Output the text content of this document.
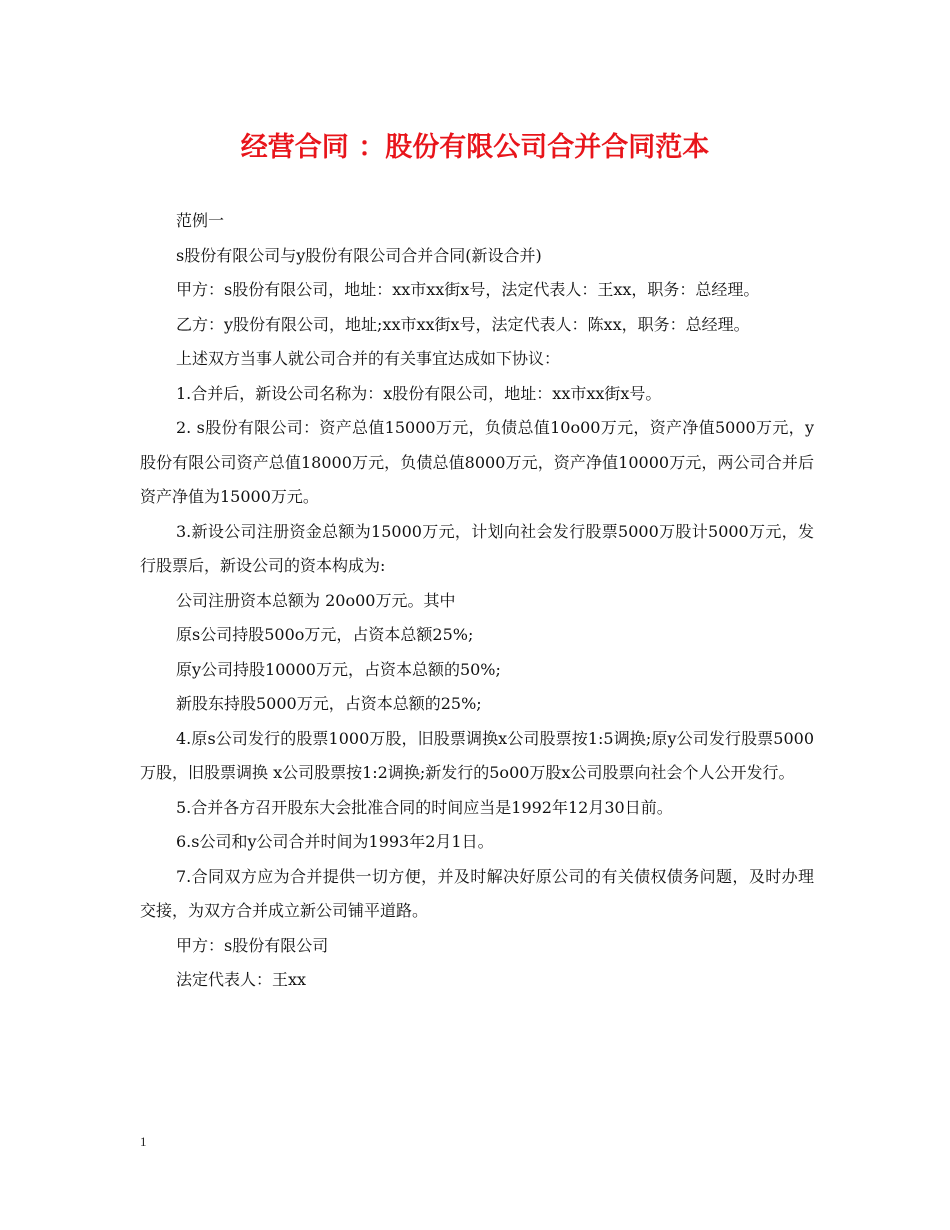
经营合同 ：股份有限公司合并合同范本

范例一

s股份有限公司与y股份有限公司合并合同(新设合并)

甲方：s股份有限公司，地址：xx市xx街x号，法定代表人：王xx，职务：总经理。

乙方：y股份有限公司，地址;xx市xx街x号，法定代表人：陈xx，职务：总经理。

上述双方当事人就公司合并的有关事宜达成如下协议：

1.合并后，新设公司名称为：x股份有限公司，地址：xx市xx街x号。

2. s股份有限公司：资产总值15000万元，负债总值10o00万元，资产净值5000万元，y股份有限公司资产总值18000万元，负债总值8000万元，资产净值10000万元，两公司合并后资产净值为15000万元。

3.新设公司注册资金总额为15000万元，计划向社会发行股票5000万股计5000万元，发行股票后，新设公司的资本构成为:

公司注册资本总额为 20o00万元。其中

原s公司持股500o万元，占资本总额25%;

原y公司持股10000万元，占资本总额的50%;

新股东持股5000万元，占资本总额的25%;

4.原s公司发行的股票1000万股，旧股票调换x公司股票按1:5调换;原y公司发行股票5000万股，旧股票调换 x公司股票按1:2调换;新发行的5o00万股x公司股票向社会个人公开发行。

5.合并各方召开股东大会批准合同的时间应当是1992年12月30日前。

6.s公司和y公司合并时间为1993年2月1日。

7.合同双方应为合并提供一切方便，并及时解决好原公司的有关债权债务问题，及时办理交接，为双方合并成立新公司铺平道路。

甲方：s股份有限公司

法定代表人：王xx

1
